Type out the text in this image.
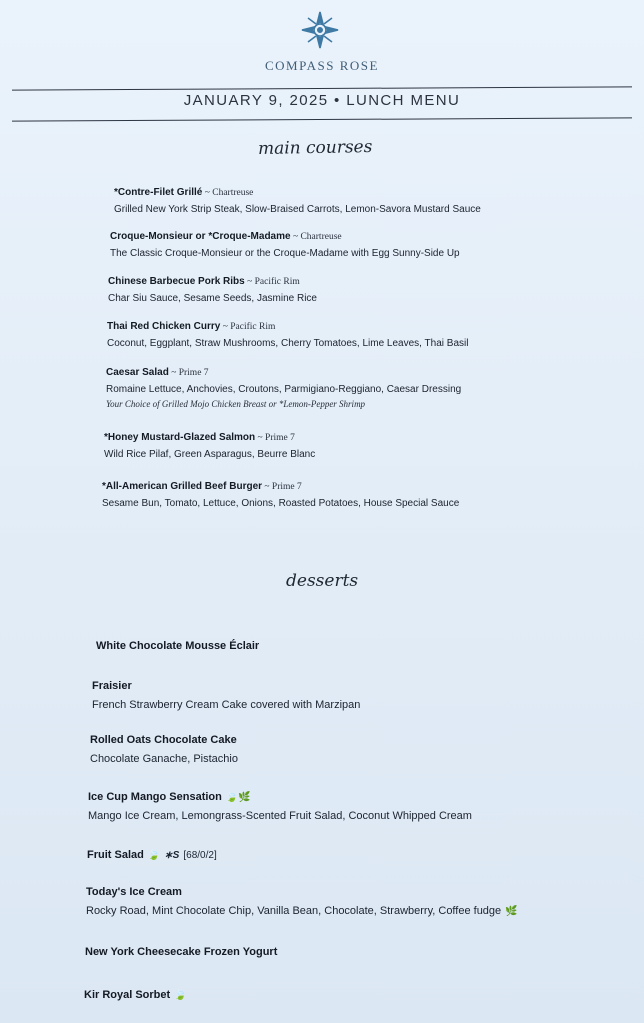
COMPASS ROSE
JANUARY 9, 2025 • LUNCH MENU
main courses
*Contre-Filet Grillé ~ Chartreuse
Grilled New York Strip Steak, Slow-Braised Carrots, Lemon-Savora Mustard Sauce
Croque-Monsieur or *Croque-Madame ~ Chartreuse
The Classic Croque-Monsieur or the Croque-Madame with Egg Sunny-Side Up
Chinese Barbecue Pork Ribs ~ Pacific Rim
Char Siu Sauce, Sesame Seeds, Jasmine Rice
Thai Red Chicken Curry ~ Pacific Rim
Coconut, Eggplant, Straw Mushrooms, Cherry Tomatoes, Lime Leaves, Thai Basil
Caesar Salad ~ Prime 7
Romaine Lettuce, Anchovies, Croutons, Parmigiano-Reggiano, Caesar Dressing
Your Choice of Grilled Mojo Chicken Breast or *Lemon-Pepper Shrimp
*Honey Mustard-Glazed Salmon ~ Prime 7
Wild Rice Pilaf, Green Asparagus, Beurre Blanc
*All-American Grilled Beef Burger ~ Prime 7
Sesame Bun, Tomato, Lettuce, Onions, Roasted Potatoes, House Special Sauce
desserts
White Chocolate Mousse Éclair
Fraisier
French Strawberry Cream Cake covered with Marzipan
Rolled Oats Chocolate Cake
Chocolate Ganache, Pistachio
Ice Cup Mango Sensation 🍃🌿
Mango Ice Cream, Lemongrass-Scented Fruit Salad, Coconut Whipped Cream
Fruit Salad 🍃 ∗S [68/0/2]
Today's Ice Cream
Rocky Road, Mint Chocolate Chip, Vanilla Bean, Chocolate, Strawberry, Coffee fudge 🌿
New York Cheesecake Frozen Yogurt
Kir Royal Sorbet 🍃
